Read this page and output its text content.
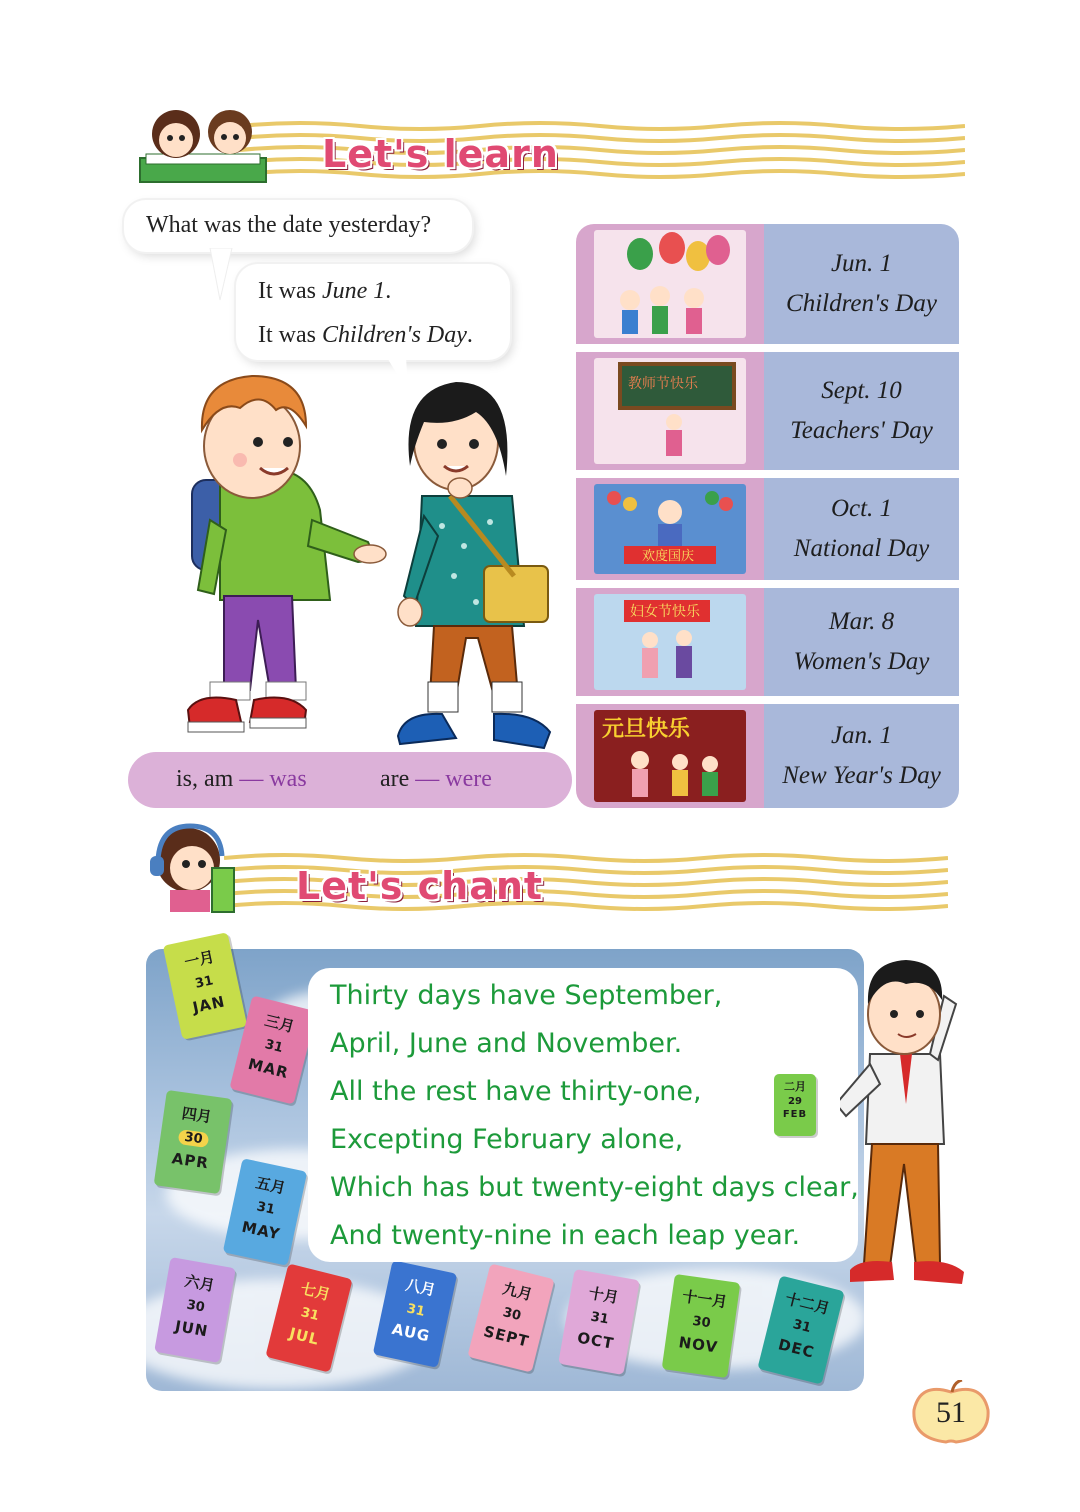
Let's learn
What was the date yesterday?
It was June 1.
It was Children's Day.
Jun. 1
Children's Day
教师节快乐	Sept. 10
Teachers' Day
欢度国庆
Oct. 1
National Day
妇女节快乐	Mar. 8
Women's Day
元旦快乐	Jan. 1
New Year's Day
is, am — was	are — were
Let's chant
一月
31
JAN
三月
31
MAR
四月
30
APR
五月
31
MAY
六月
30
JUN
七月
31
JUL
八月
31
AUG
九月
30
SEPT
十月
31
OCT
十一月
30
NOV
十二月
31
DEC
Thirty days have September,
April, June and November.
All the rest have thirty-one,
Excepting February alone,
Which has but twenty-eight days clear,
And twenty-nine in each leap year.
二月
29
FEB
51
